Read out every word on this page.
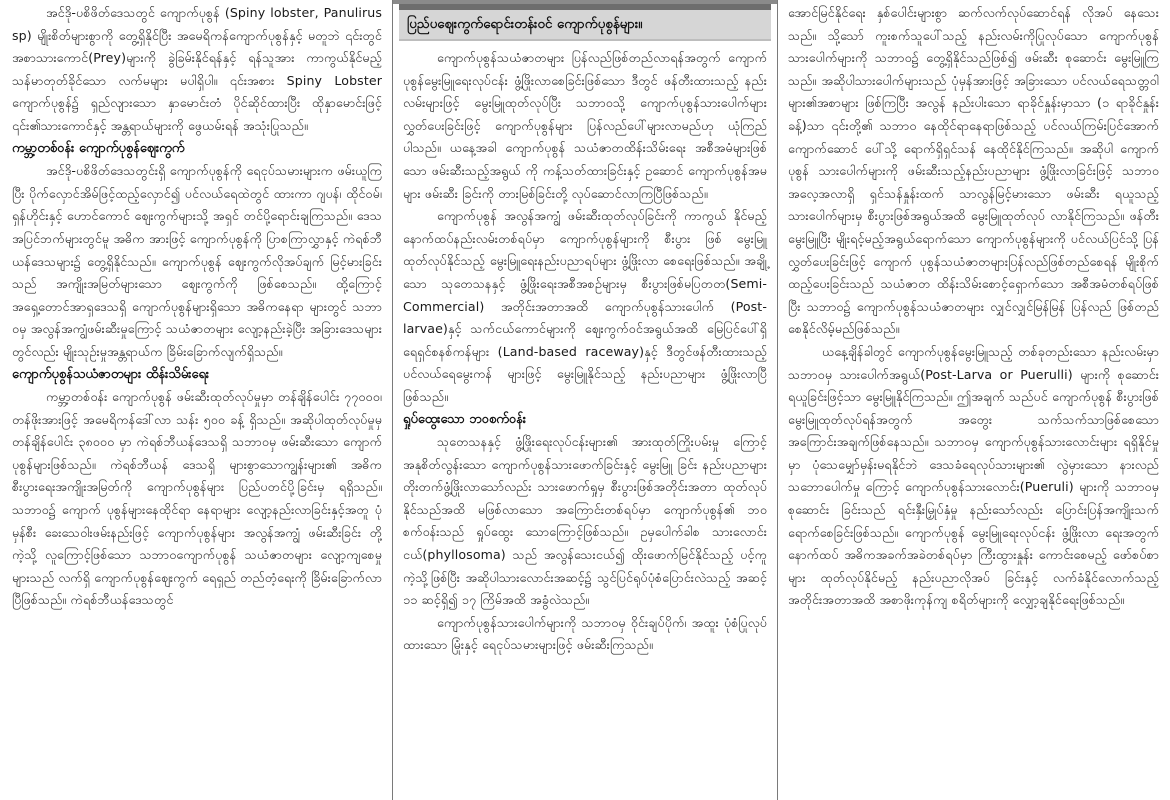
အင်ဒို-ပစိဖိတ်ဒေသတွင် ကျောက်ပုစွန် (Spiny lobster, Panulirus sp) မျိုးစိတ်များစွာကို တွေ့ရှိနိုင်ပြီး အမေရိကန်ကျောက်ပုစွန်နှင့် မတူဘဲ ၎င်းတွင် အစာသားကောင်(Prey)များကို ခွဲခြမ်းနိုင်ရန်နှင့် ရန်သူအား ကာကွယ်နိုင်မည့် သန်မာတုတ်ခိုင်သော လက်မများ မပါရှိပါ။ ၎င်းအစား Spiny Lobster ကျောက်ပုစွန်၌ ရှည်လျားသော နှာမောင်းတံ ပိုင်ဆိုင်ထားပြီး ထိုနှာမောင်းဖြင့် ၎င်း၏သားကောင်နှင့် အန္တရာယ်များကို ဖွေယမ်းရန် အသုံးပြုသည်။

ကမ္ဘာ့တစ်ဝန်း ကျောက်ပုစွန်ဈေးကွက်

အင်ဒို-ပစိဖိတ်ဒေသတွင်းရှိ ကျောက်ပုစွန်ကို ရေငုပ်သမားများက ဖမ်းယူကြပြီး ပိုက်လှောင်အိမ်ဖြင့်ထည့်လှောင်၍ ပင်လယ်ရေထဲတွင် ထားကာ ဂျပန်၊ ထိုင်ဝမ်၊ ရှန်ဟိုင်းနှင့် ဟောင်ကောင် ဈေးကွက်များသို့ အရှင် တင်ပို့ရောင်းချကြသည်။ ဒေသအပြင်ဘက်များတွင်မူ အဓိက အားဖြင့် ကျောက်ပုစွန်ကို ပြာစကြာလွှာနှင့် ကဲရစ်ဘီယန်ဒေသများ၌ တွေ့ရှိနိုင်သည်။ ကျောက်ပုစွန် ဈေးကွက်လိုအပ်ချက် မြင့်မားခြင်း သည် အကျိုးအမြတ်များသော ဈေးကွက်ကို ဖြစ်စေသည်။ ထို့ကြောင့် အရှေ့တောင်အာရှဒေသရှိ ကျောက်ပုစွန်များရှိသော အဓိကနေရာ များတွင် သဘာဝမှ အလွန်အကျွံဖမ်းဆီးမှုကြောင့် သယံဇာတများ လျော့နည်းခဲ့ပြီး အခြားဒေသများတွင်လည်း မျိုးသုဉ်းမှုအန္တရာယ်က ခြိမ်းခြောက်လျက်ရှိသည်။

ကျောက်ပုစွန်သယံဇာတများ ထိန်းသိမ်းရေး

ကမ္ဘာ့တစ်ဝန်း ကျောက်ပုစွန် ဖမ်းဆီးထုတ်လုပ်မှုမှာ တန်ချိန်ပေါင်း ၇၇၀၀၀၊ တန်ဖိုးအားဖြင့် အမေရိကန်ဒေါ်လာ သန်း ၅၀၀ ခန့် ရှိသည်။ အဆိုပါထုတ်လုပ်မှုမှ တန်ချိန်ပေါင်း ၃၈၀၀၀ မှာ ကဲရစ်ဘီယန်ဒေသရှိ သဘာဝမှ ဖမ်းဆီးသော ကျောက်ပုစွန်များဖြစ်သည်။ ကဲရစ်ဘီယန် ဒေသရှိ များစွာသောကျွန်းများ၏ အဓိကစီးပွားရေးအကျိုးအမြတ်ကို ကျောက်ပုစွန်များ ပြည်ပတင်ပို့ခြင်းမှ ရရှိသည်။ သဘာဝ၌ ကျောက် ပုစွန်များနေထိုင်ရာ နေရာများ လျော့နည်းလာခြင်းနှင့်အတူ ပုံမှန်စီး ခေးသေဝါးဖမ်းနည်းဖြင့် ကျောက်ပုစွန်များ အလွန်အကျွံ ဖမ်းဆီးခြင်း တို့ကဲ့သို့ လူကြောင့်ဖြစ်သော သဘာဝကျောက်ပုစွန် သယံဇာတများ လျော့ကျစေမှုများသည် လက်ရှိ ကျောက်ပုစွန်ဈေးကွက် ရေရှည် တည်တံ့ရေးကို ခြိမ်းခြောက်လာပြီဖြစ်သည်။ ကဲရစ်ဘီယန်ဒေသတွင်

ပြည်ပဈေးကွက်ရောင်းတန်းဝင် ကျောက်ပုစွန်များ။

ကျောက်ပုစွန်သယံဇာတများ ပြန်လည်ဖြစ်တည်လာရန်အတွက် ကျောက်ပုစွန်မွေးမြူရေးလုပ်ငန်း ဖွံ့ဖြိုးလာစေခြင်းဖြစ်သော ဒီတွင် ဖန်တီးထားသည့် နည်းလမ်းများဖြင့် မွေးမြူထုတ်လုပ်ပြီး သဘာဝသို့ ကျောက်ပုစွန်သားပေါက်များ လွှတ်ပေးခြင်းဖြင့် ကျောက်ပုစွန်များ ပြန်လည်ပေါ်များလာမည်ဟု ယုံကြည်ပါသည်။ ယနေ့အခါ ကျောက်ပုစွန် သယံဇာတထိန်းသိမ်းရေး အစီအမံများဖြစ်သော ဖမ်းဆီးသည့်အရွယ် ကို ကန့်သတ်ထားခြင်းနှင့် ဥဆောင် ကျောက်ပုစွန်အမများ ဖမ်းဆီး ခြင်းကို တားမြစ်ခြင်းတို့ လုပ်ဆောင်လာကြပြီဖြစ်သည်။

ကျောက်ပုစွန် အလွန်အကျွံ ဖမ်းဆီးထုတ်လုပ်ခြင်းကို ကာကွယ် နိုင်မည့် နောက်ထပ်နည်းလမ်းတစ်ရပ်မှာ ကျောက်ပုစွန်များကို စီးပွား ဖြစ် မွေးမြူထုတ်လုပ်နိုင်သည့် မွေးမြူရေးနည်းပညာရပ်များ ဖွံ့ဖြိုးလာ စေရေးဖြစ်သည်။ အချို့သော သုတေသနနှင့် ဖွံ့ဖြိုးရေးအစီအစဉ်များမှ စီးပွားဖြစ်မပြတတ(Semi-Commercial) အတိုင်းအတာအထိ ကျောက်ပုစွန်သားပေါက် (Post-larvae)နှင့် သက်ငယ်ကောင်များကို ဈေးကွက်ဝင်အရွယ်အထိ မြေပြင်ပေါ်ရှိ ရေရှင်စနစ်ကန်များ (Land-based raceway)နှင့် ဒီတွင်ဖန်တီးထားသည့် ပင်လယ်ရေမွေးကန် များဖြင့် မွေးမြူနိုင်သည့် နည်းပညာများ ဖွံ့ဖြိုးလာပြီဖြစ်သည်။

ရှုပ်ထွေးသော ဘဝစက်ဝန်း

သုတေသနနှင့် ဖွံ့ဖြိုးရေးလုပ်ငန်းများ၏ အားထုတ်ကြိုးပမ်းမှု ကြောင့် အနုစိတ်လွန်းသော ကျောက်ပုစွန်သားဖောက်ခြင်းနှင့် မွေးမြူ ခြင်း နည်းပညာများ တိုးတက်ဖွံ့ဖြိုးလာသော်လည်း သားဖောက်ရှုမှ စီးပွားဖြစ်အတိုင်းအတာ ထုတ်လုပ်နိုင်သည်အထိ မဖြစ်လာသော အကြောင်းတစ်ရပ်မှာ ကျောက်ပုစွန်၏ ဘဝစက်ဝန်းသည် ရှုပ်ထွေး သောကြောင့်ဖြစ်သည်။ ဥမှပေါက်ခါစ သားလောင်းငယ်(phyllosoma) သည် အလွန်သေးငယ်၍ ထိုးဖောက်မြင်နိုင်သည့် ပင့်ကူကဲ့သို့ဖြစ်ပြီး အဆိုပါသားလောင်းအဆင့်၌ သွင်ပြင်ရုပ်ပုံစံပြောင်းလဲသည့် အဆင့် ၁၁ ဆင့်ရှိ၍ ၁၇ ကြိမ်အထိ အခွံလဲသည်။

ကျောက်ပုစွန်သားပေါက်များကို သဘာဝမှ ဝိုင်းချပ်ပိုက်၊ အထူး ပုံစံပြုလုပ်ထားသော မြုံးနှင့် ရေငုပ်သမားများဖြင့် ဖမ်းဆီးကြသည်။

အောင်မြင်နိုင်ရေး နှစ်ပေါင်းများစွာ ဆက်လက်လုပ်ဆောင်ရန် လိုအပ် နေသေးသည်။ သို့သော် ကူးစက်သူပေါ်သည့် နည်းလမ်းကိုပြုလုပ်သော ကျောက်ပုစွန် သားပေါက်များကို သဘာဝ၌ တွေ့ရှိနိုင်သည်ဖြစ်၍ ဖမ်းဆီး စုဆောင်း မွေးမြူကြသည်။ အဆိုပါသားပေါက်များသည် ပုံမှန်အားဖြင့် အခြားသော ပင်လယ်ရေသတ္တဝါများ၏အစာများ ဖြစ်ကြပြီး အလွန် နည်းပါးသော ရာခိုင်နှုန်းမှာသာ (၁ ရာခိုင်နှုန်းခန့်)သာ ၎င်းတို့၏ သဘာဝ နေထိုင်ရာနေရာဖြစ်သည့် ပင်လယ်ကြမ်းပြင်အောက် ကျောက်ဆောင် ပေါ်သို့ ရောက်ရှိရှင်သန် နေထိုင်နိုင်ကြသည်။ အဆိုပါ ကျောက်ပုစွန် သားပေါက်များကို ဖမ်းဆီးသည့်နည်းပညာများ ဖွံ့ဖြိုးလာခြင်းဖြင့် သဘာဝအလေ့အလာရှိ ရှင်သန်နှုန်းထက် သာလွန်မြင့်မားသော ဖမ်းဆီး ရယူသည့် သားပေါက်များမှ စီးပွားဖြစ်အရွယ်အထိ မွေးမြူထုတ်လုပ် လာနိုင်ကြသည်။ ဖန်တီးမွေးမြူပြီး မျိုးရင့်မည့်အရွယ်ရောက်သော ကျောက်ပုစွန်များကို ပင်လယ်ပြင်သို့ ပြန်လွှတ်ပေးခြင်းဖြင့် ကျောက် ပုစွန်သယံဇာတများပြန်လည်ဖြစ်တည်စေရန် မျိုးစိုက်ထည့်ပေးခြင်းသည် သယံဇာတ ထိန်းသိမ်းစောင့်ရှောက်သော အစီအမံတစ်ရပ်ဖြစ်ပြီး သဘာဝ၌ ကျောက်ပုစွန်သယံဇာတများ လျှင်လျှင်မြန်မြန် ပြန်လည် ဖြစ်တည်စေနိုင်လိမ့်မည်ဖြစ်သည်။

ယနေ့ချိန်ခါတွင် ကျောက်ပုစွန်မွေးမြူသည့် တစ်ခုတည်းသော နည်းလမ်းမှာ သဘာဝမှ သားပေါက်အရွယ်(Post-Larva or Puerulli) များကို စုဆောင်းရယူခြင်းဖြင့်သာ မွေးမြူနိုင်ကြသည်။ ဤအချက် သည်ပင် ကျောက်ပုစွန် စီးပွားဖြစ်မွေးမြူထုတ်လုပ်ရန်အတွက် အတွေး သက်သက်သာဖြစ်စေသော အကြောင်းအချက်ဖြစ်နေသည်။ သဘာဝမှ ကျောက်ပုစွန်သားလောင်းများ ရရှိနိုင်မှုမှာ ပုံသေမျှော်မှန်းမရနိုင်ဘဲ ဒေသခံရေလုပ်သားများ၏ လွဲမှားသော နားလည်သဘောပေါက်မှု ကြောင့် ကျောက်ပုစွန်သားလောင်း(Pueruli) များကို သဘာဝမှ စုဆောင်း ခြင်းသည် ရင်းနှီးမြှုပ်နှံမှု နည်းသော်လည်း ပြောင်းပြန်အကျိုးသက် ရောက်စေခြင်းဖြစ်သည်။ ကျောက်ပုစွန် မွေးမြူရေးလုပ်ငန်း ဖွံ့ဖြိုးလာ ရေးအတွက် နောက်ထပ် အဓိကအခက်အခဲတစ်ရပ်မှာ ကြီးထွားနှုန်း ကောင်းစေမည့် ဖော်စပ်စာများ ထုတ်လုပ်နိုင်မည့် နည်းပညာလိုအပ် ခြင်းနှင့် လက်ခံနိုင်လောက်သည့် အတိုင်းအတာအထိ အစာဖိုးကုန်ကျ စရိတ်များကို လျှော့ချနိုင်ရေးဖြစ်သည်။
